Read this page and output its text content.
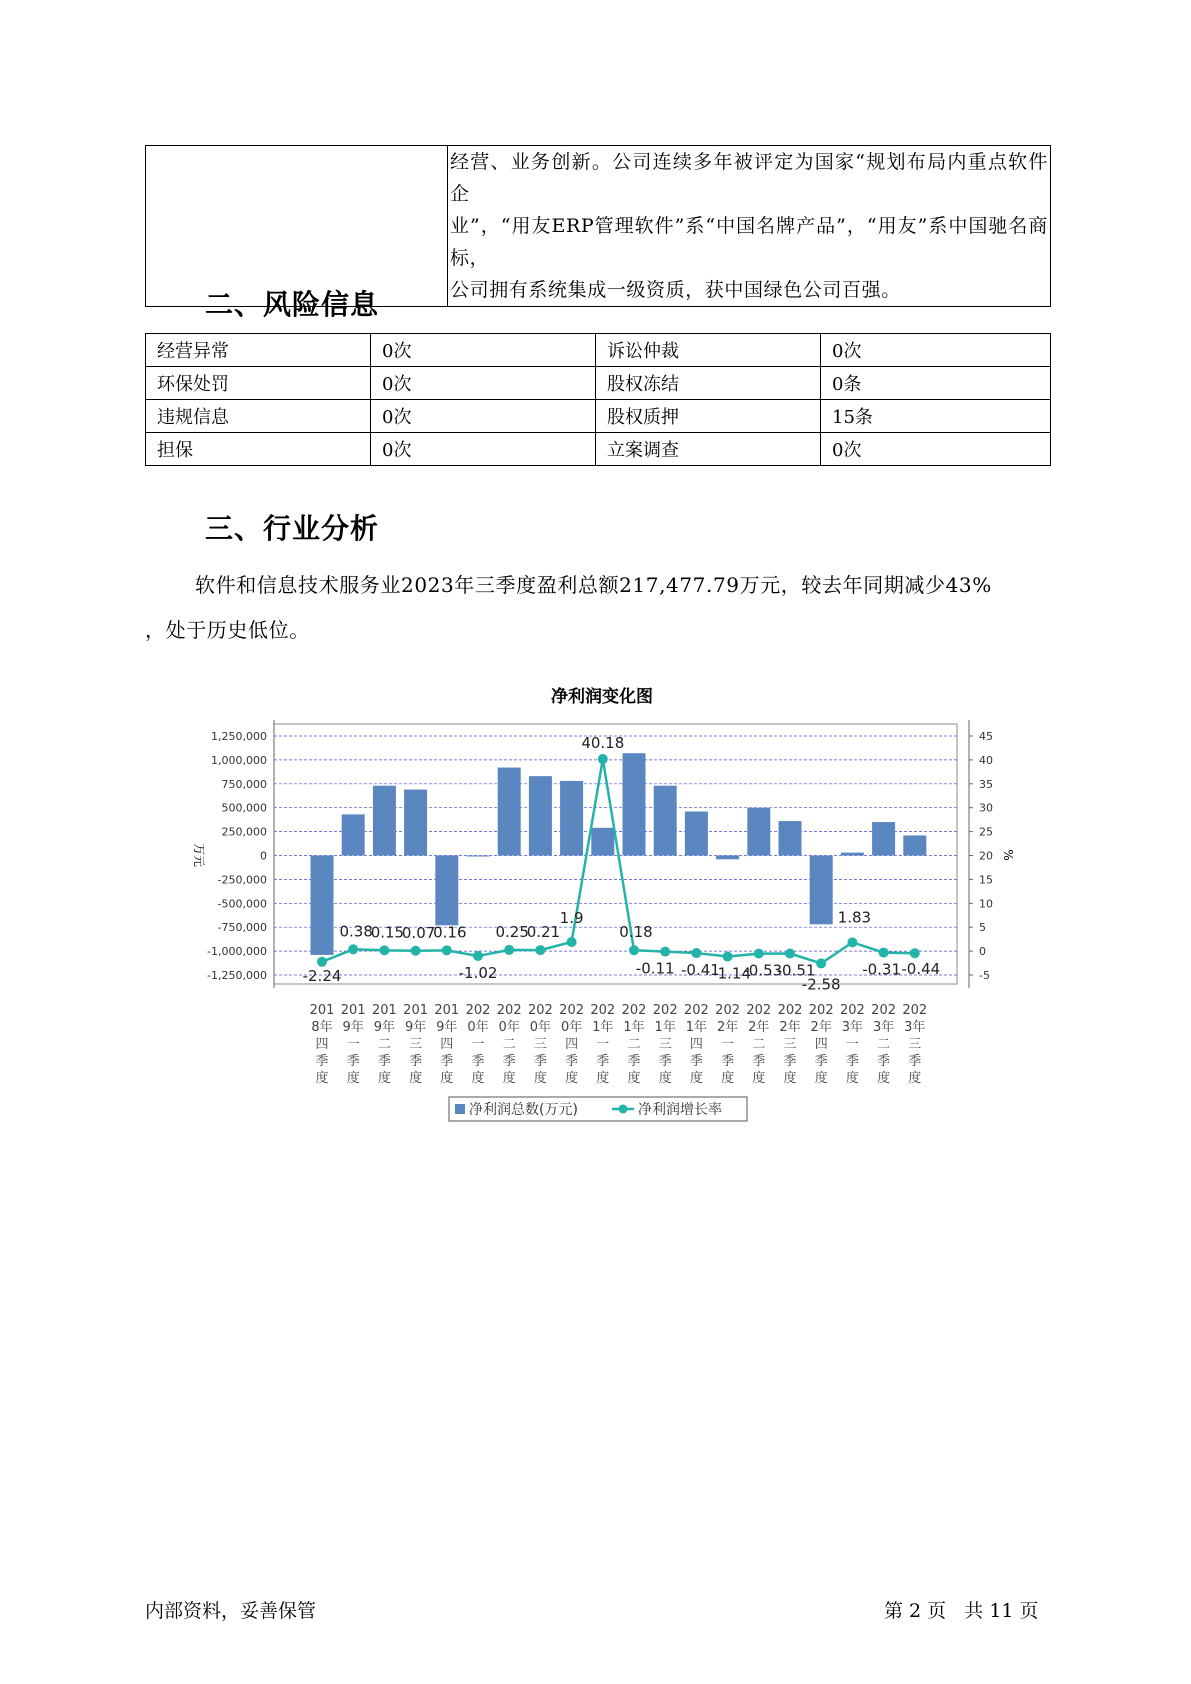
经营、业务创新。公司连续多年被评定为国家“规划布局内重点软件企
业”，“用友ERP管理软件”系“中国名牌产品”，“用友”系中国驰名商标，
公司拥有系统集成一级资质，获中国绿色公司百强。
二、风险信息
经营异常	0次	诉讼仲裁	0次
环保处罚	0次	股权冻结	0条
违规信息	0次	股权质押	15条
担保	0次	立案调查	0次
三、行业分析
软件和信息技术服务业2023年三季度盈利总额217,477.79万元，较去年同期减少43%
，处于历史低位。
净利润变化图
1,250,000
1,000,000
750,000
500,000
250,000
0
-250,000
-500,000
-750,000
-1,000,000
-1,250,000
45
40
35
30
25
20
15
10
5
0
-5
万元	%
-2.24
0.38
0.15
0.07
0.16
-1.02
0.25
0.21
1.9
40.18
0.18
-0.11 -0.41
-1.14
-0.53
-0.51
-2.58
1.83
-0.31 -0.44
201
8年
四
季
度
201
9年
一
季
度
201
9年
二
季
度
201
9年
三
季
度
201
9年
四
季
度
202
0年
一
季
度
202
0年
二
季
度
202
0年
三
季
度
202
0年
四
季
度
202
1年
一
季
度
202
1年
二
季
度
202
1年
三
季
度
202
1年
四
季
度
202
2年
一
季
度
202
2年
二
季
度
202
2年
三
季
度
202
2年
四
季
度
202
3年
一
季
度
202
3年
二
季
度
202
3年
三
季
度
净利润总数(万元)	净利润增长率
内部资料，妥善保管	第 2 页   共 11 页
